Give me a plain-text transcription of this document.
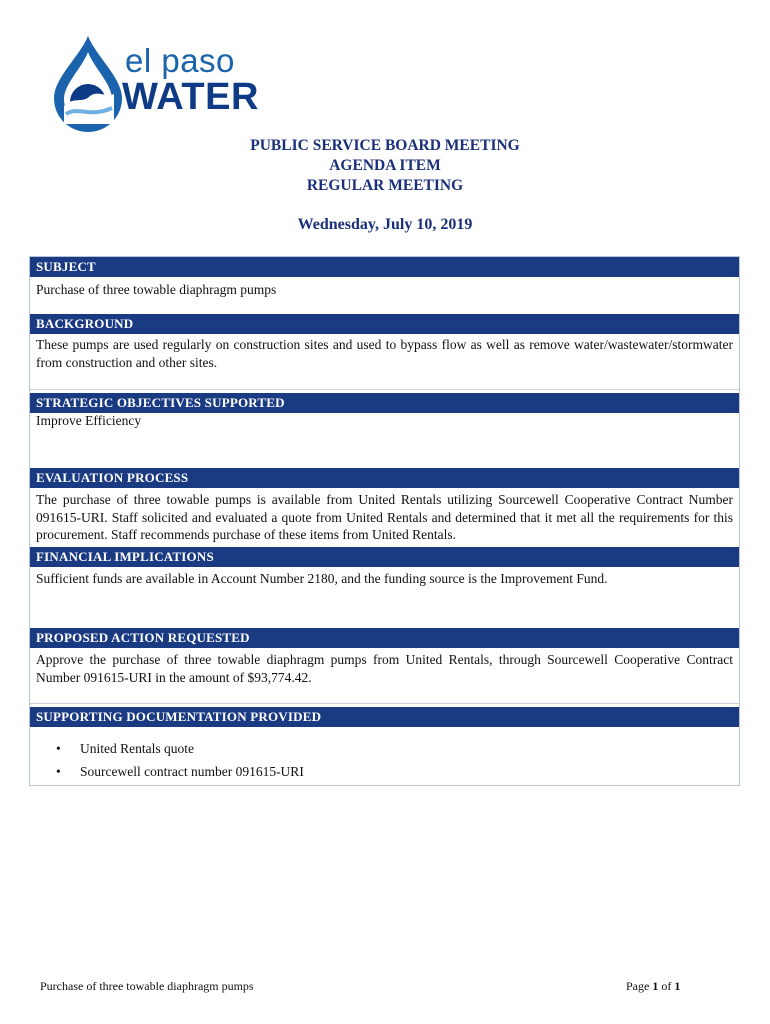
el paso
WATER
PUBLIC SERVICE BOARD MEETING
AGENDA ITEM
REGULAR MEETING
Wednesday, July 10, 2019
SUBJECT
Purchase of three towable diaphragm pumps
BACKGROUND
These pumps are used regularly on construction sites and used to bypass flow as well as remove water/wastewater/stormwater from construction and other sites.
STRATEGIC OBJECTIVES SUPPORTED
Improve Efficiency
EVALUATION PROCESS
The purchase of three towable pumps is available from United Rentals utilizing Sourcewell Cooperative Contract Number 091615-URI. Staff solicited and evaluated a quote from United Rentals and determined that it met all the requirements for this procurement. Staff recommends purchase of these items from United Rentals.
FINANCIAL IMPLICATIONS
Sufficient funds are available in Account Number 2180, and the funding source is the Improvement Fund.
PROPOSED ACTION REQUESTED
Approve the purchase of three towable diaphragm pumps from United Rentals, through Sourcewell Cooperative Contract Number 091615-URI in the amount of $93,774.42.
SUPPORTING DOCUMENTATION PROVIDED
• United Rentals quote
• Sourcewell contract number 091615-URI
Purchase of three towable diaphragm pumps	Page 1 of 1
